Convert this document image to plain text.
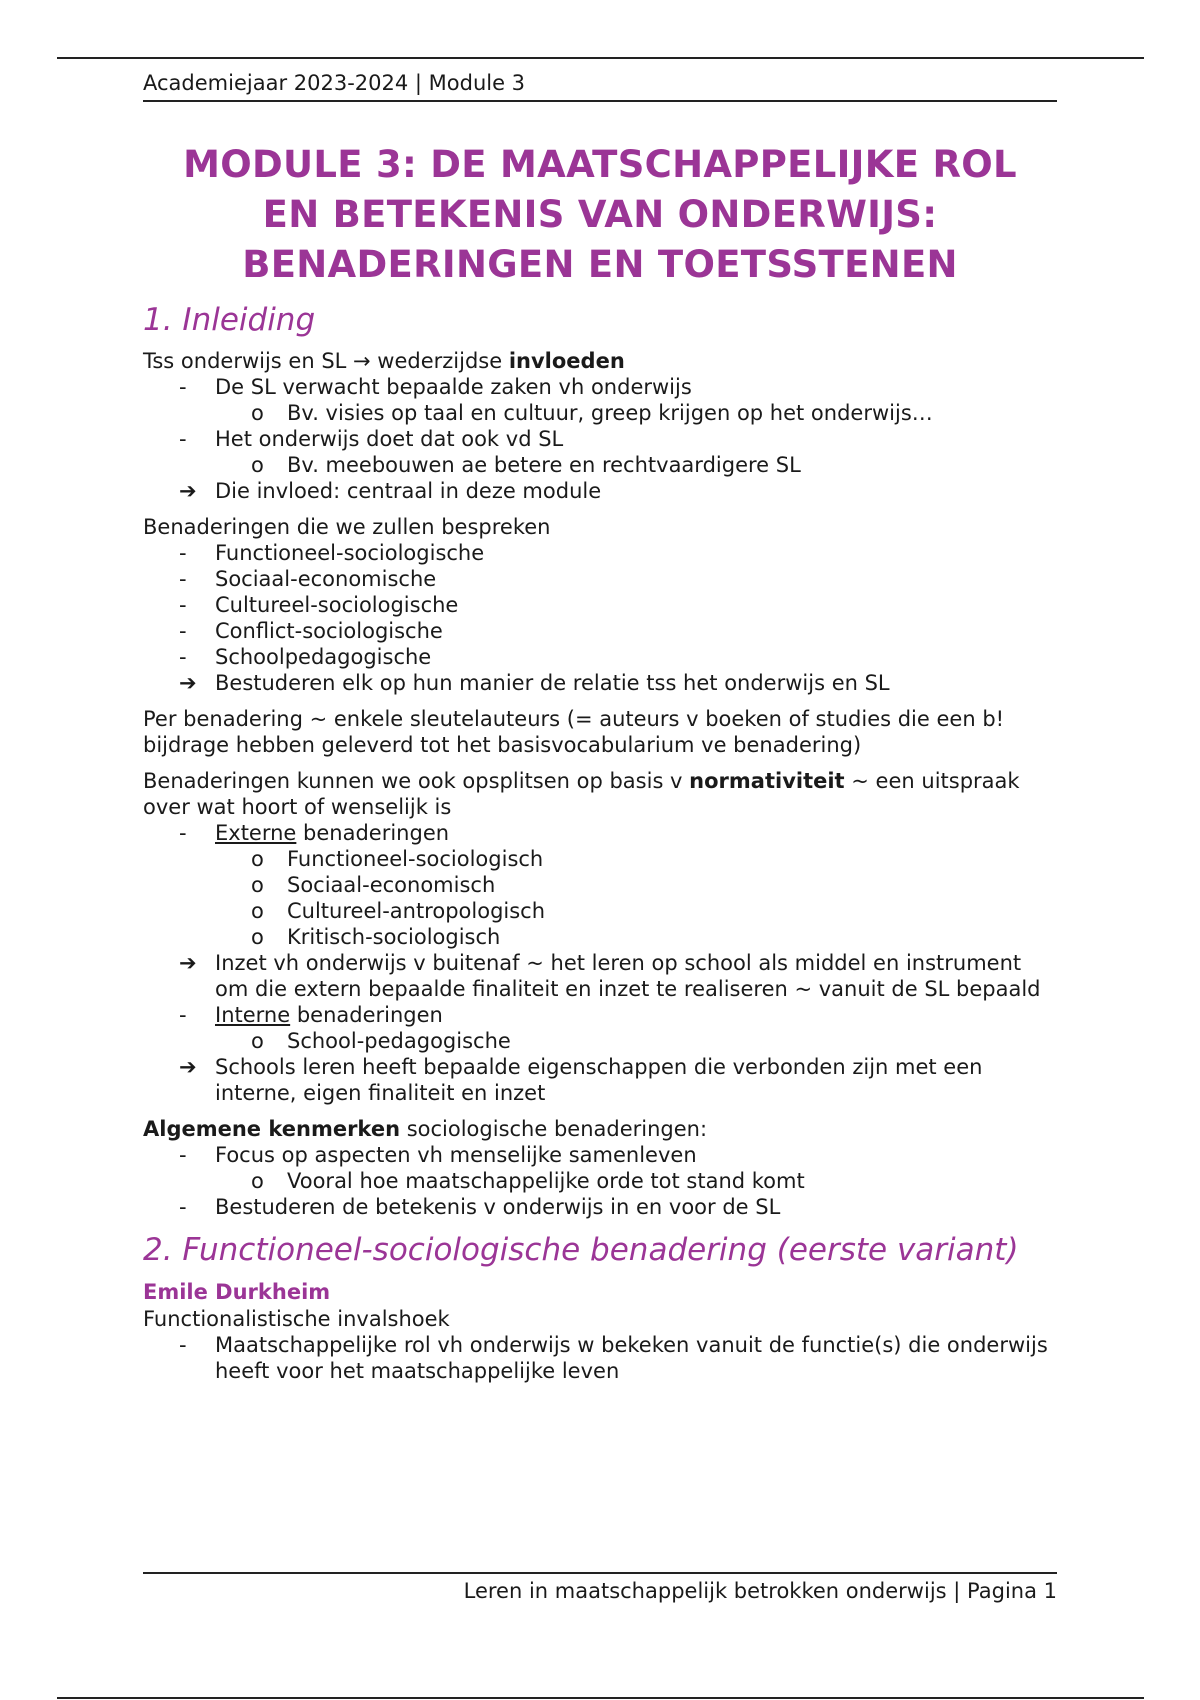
Academiejaar 2023-2024 | Module 3
MODULE 3: DE MAATSCHAPPELIJKE ROL
EN BETEKENIS VAN ONDERWIJS:
BENADERINGEN EN TOETSSTENEN
1. Inleiding

Tss onderwijs en SL → wederzijdse invloeden

-	De SL verwacht bepaalde zaken vh onderwijs
o	Bv. visies op taal en cultuur, greep krijgen op het onderwijs…
-	Het onderwijs doet dat ook vd SL
o	Bv. meebouwen ae betere en rechtvaardigere SL
➔ Die invloed: centraal in deze module

Benaderingen die we zullen bespreken

-	Functioneel-sociologische
-	Sociaal-economische
-	Cultureel-sociologische
-	Conflict-sociologische
-	Schoolpedagogische
➔ Bestuderen elk op hun manier de relatie tss het onderwijs en SL

Per benadering ~ enkele sleutelauteurs (= auteurs v boeken of studies die een b! bijdrage hebben geleverd tot het basisvocabularium ve benadering)

Benaderingen kunnen we ook opsplitsen op basis v normativiteit ~ een uitspraak over wat hoort of wenselijk is

-	Externe benaderingen
o	Functioneel-sociologisch
o	Sociaal-economisch
o	Cultureel-antropologisch
o	Kritisch-sociologisch
➔ Inzet vh onderwijs v buitenaf ~ het leren op school als middel en instrument om die extern bepaalde finaliteit en inzet te realiseren ~ vanuit de SL bepaald
-	Interne benaderingen
o	School-pedagogische
➔ Schools leren heeft bepaalde eigenschappen die verbonden zijn met een interne, eigen finaliteit en inzet

Algemene kenmerken sociologische benaderingen:

-	Focus op aspecten vh menselijke samenleven
o	Vooral hoe maatschappelijke orde tot stand komt
-	Bestuderen de betekenis v onderwijs in en voor de SL
2. Functioneel-sociologische benadering (eerste variant)
Emile Durkheim

Functionalistische invalshoek

-	Maatschappelijke rol vh onderwijs w bekeken vanuit de functie(s) die onderwijs heeft voor het maatschappelijke leven
Leren in maatschappelijk betrokken onderwijs | Pagina 1
